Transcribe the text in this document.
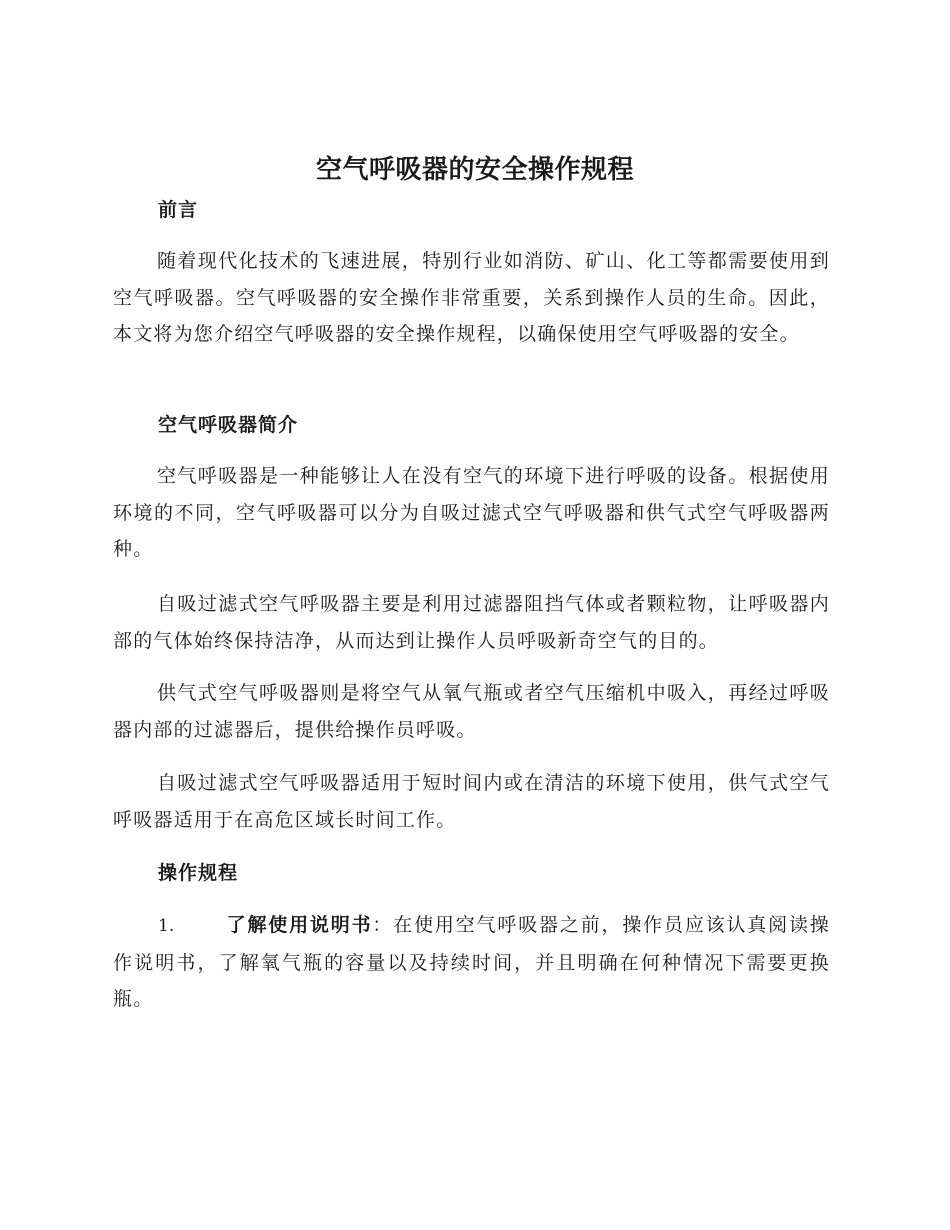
空气呼吸器的安全操作规程
前言

随着现代化技术的飞速进展，特别行业如消防、矿山、化工等都需要使用到空气呼吸器。空气呼吸器的安全操作非常重要，关系到操作人员的生命。因此，本文将为您介绍空气呼吸器的安全操作规程，以确保使用空气呼吸器的安全。

空气呼吸器简介

空气呼吸器是一种能够让人在没有空气的环境下进行呼吸的设备。根据使用环境的不同，空气呼吸器可以分为自吸过滤式空气呼吸器和供气式空气呼吸器两种。

自吸过滤式空气呼吸器主要是利用过滤器阻挡气体或者颗粒物，让呼吸器内部的气体始终保持洁净，从而达到让操作人员呼吸新奇空气的目的。

供气式空气呼吸器则是将空气从氧气瓶或者空气压缩机中吸入，再经过呼吸器内部的过滤器后，提供给操作员呼吸。

自吸过滤式空气呼吸器适用于短时间内或在清洁的环境下使用，供气式空气呼吸器适用于在高危区域长时间工作。

操作规程

1.	了解使用说明书：在使用空气呼吸器之前，操作员应该认真阅读操作说明书，了解氧气瓶的容量以及持续时间，并且明确在何种情况下需要更换瓶。
